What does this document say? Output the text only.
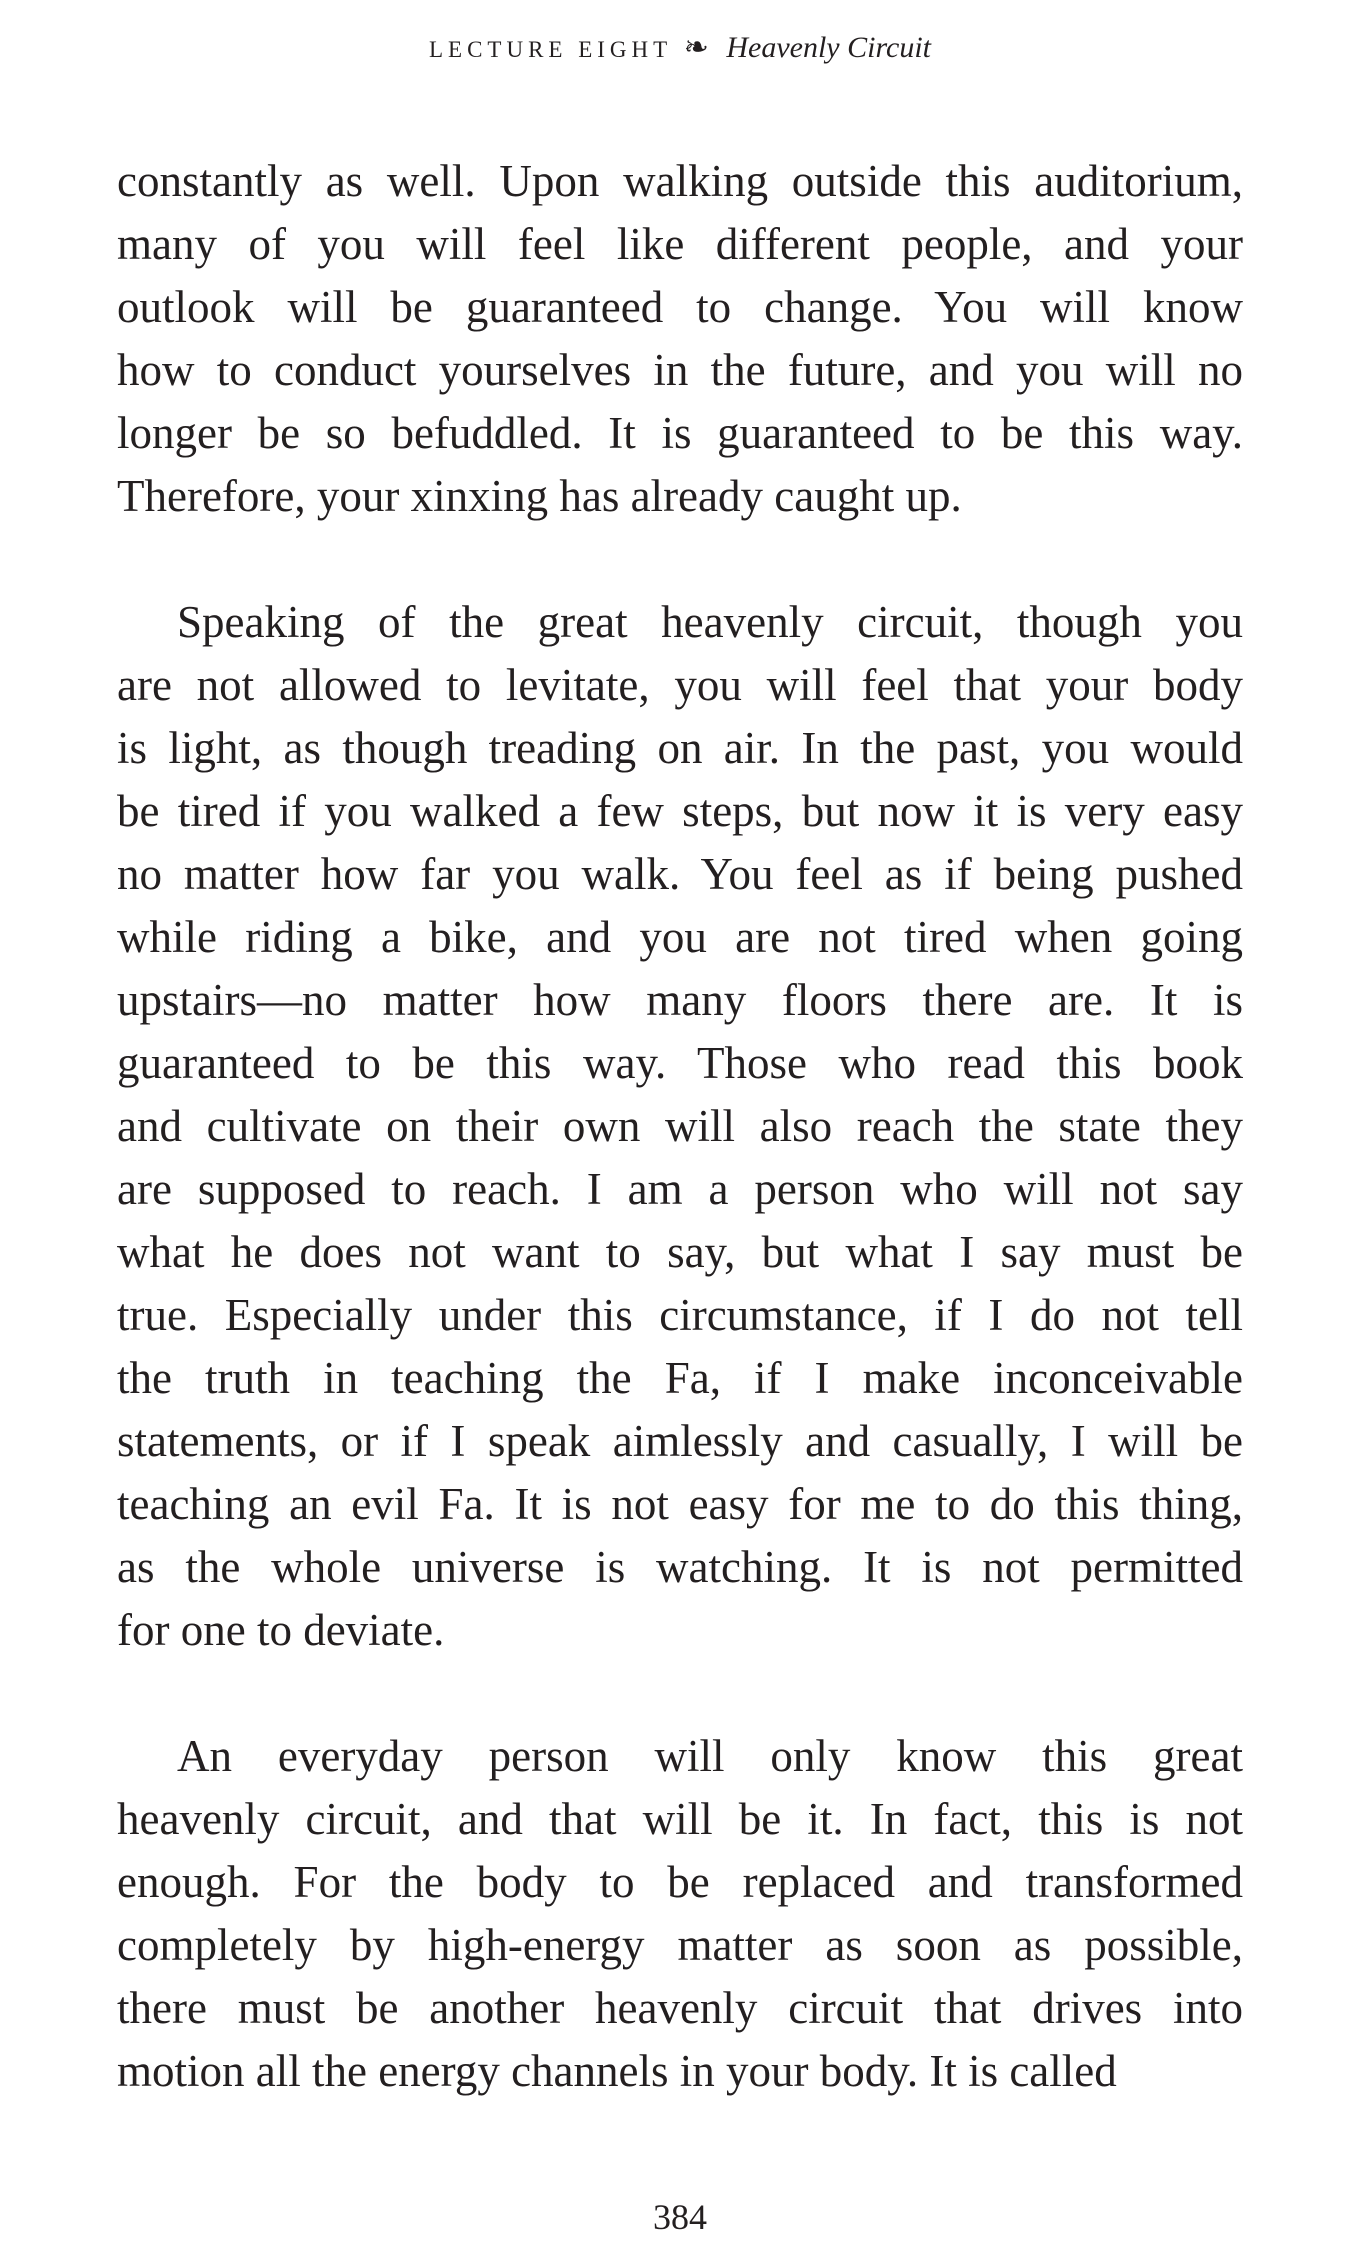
LECTURE EIGHT ❧ Heavenly Circuit
constantly as well. Upon walking outside this auditorium,
many of you will feel like different people, and your
outlook will be guaranteed to change. You will know
how to conduct yourselves in the future, and you will no
longer be so befuddled. It is guaranteed to be this way.
Therefore, your xinxing has already caught up.
Speaking of the great heavenly circuit, though you
are not allowed to levitate, you will feel that your body
is light, as though treading on air. In the past, you would
be tired if you walked a few steps, but now it is very easy
no matter how far you walk. You feel as if being pushed
while riding a bike, and you are not tired when going
upstairs—no matter how many floors there are. It is
guaranteed to be this way. Those who read this book
and cultivate on their own will also reach the state they
are supposed to reach. I am a person who will not say
what he does not want to say, but what I say must be
true. Especially under this circumstance, if I do not tell
the truth in teaching the Fa, if I make inconceivable
statements, or if I speak aimlessly and casually, I will be
teaching an evil Fa. It is not easy for me to do this thing,
as the whole universe is watching. It is not permitted
for one to deviate.
An everyday person will only know this great
heavenly circuit, and that will be it. In fact, this is not
enough. For the body to be replaced and transformed
completely by high-energy matter as soon as possible,
there must be another heavenly circuit that drives into
motion all the energy channels in your body. It is called
384
